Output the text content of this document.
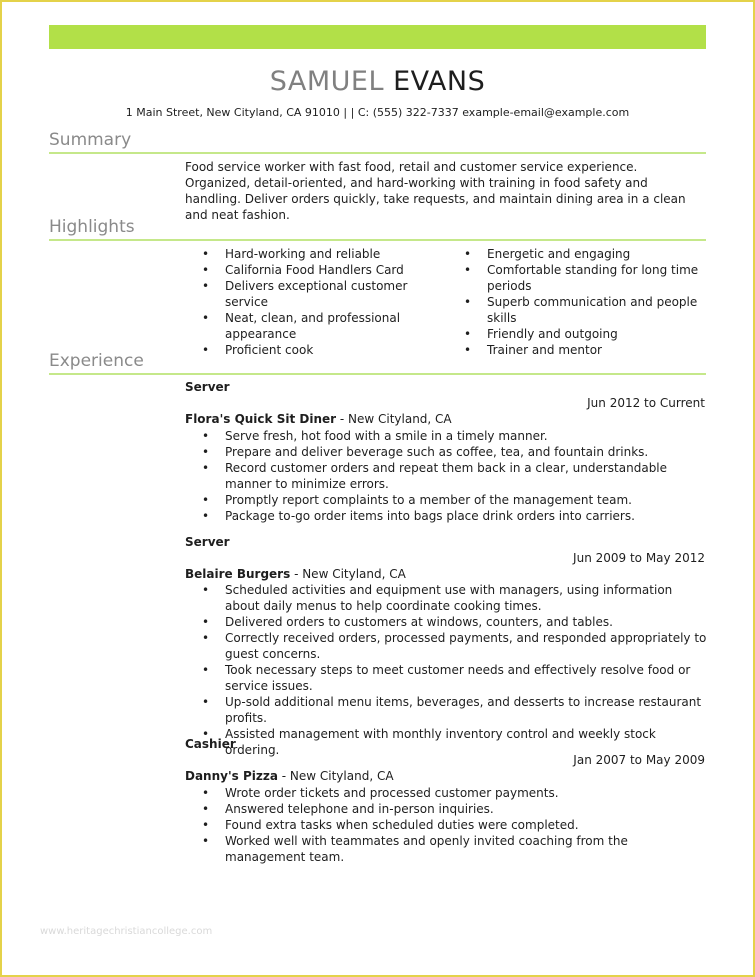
SAMUEL EVANS
1 Main Street, New Cityland, CA 91010 | | C: (555) 322-7337 example-email@example.com
Summary
Food service worker with fast food, retail and customer service experience. Organized, detail-oriented, and hard-working with training in food safety and handling. Deliver orders quickly, take requests, and maintain dining area in a clean and neat fashion.
Highlights
• Hard-working and reliable
• California Food Handlers Card
• Delivers exceptional customer service
• Neat, clean, and professional appearance
• Proficient cook
• Energetic and engaging
• Comfortable standing for long time periods
• Superb communication and people skills
• Friendly and outgoing
• Trainer and mentor
Experience
Server
Jun 2012 to Current
Flora's Quick Sit Diner - New Cityland, CA
• Serve fresh, hot food with a smile in a timely manner.
• Prepare and deliver beverage such as coffee, tea, and fountain drinks.
• Record customer orders and repeat them back in a clear, understandable manner to minimize errors.
• Promptly report complaints to a member of the management team.
• Package to-go order items into bags place drink orders into carriers.
Server
Jun 2009 to May 2012
Belaire Burgers - New Cityland, CA
• Scheduled activities and equipment use with managers, using information about daily menus to help coordinate cooking times.
• Delivered orders to customers at windows, counters, and tables.
• Correctly received orders, processed payments, and responded appropriately to guest concerns.
• Took necessary steps to meet customer needs and effectively resolve food or service issues.
• Up-sold additional menu items, beverages, and desserts to increase restaurant profits.
• Assisted management with monthly inventory control and weekly stock ordering.
Cashier
Jan 2007 to May 2009
Danny's Pizza - New Cityland, CA
• Wrote order tickets and processed customer payments.
• Answered telephone and in-person inquiries.
• Found extra tasks when scheduled duties were completed.
• Worked well with teammates and openly invited coaching from the management team.
www.heritagechristiancollege.com
